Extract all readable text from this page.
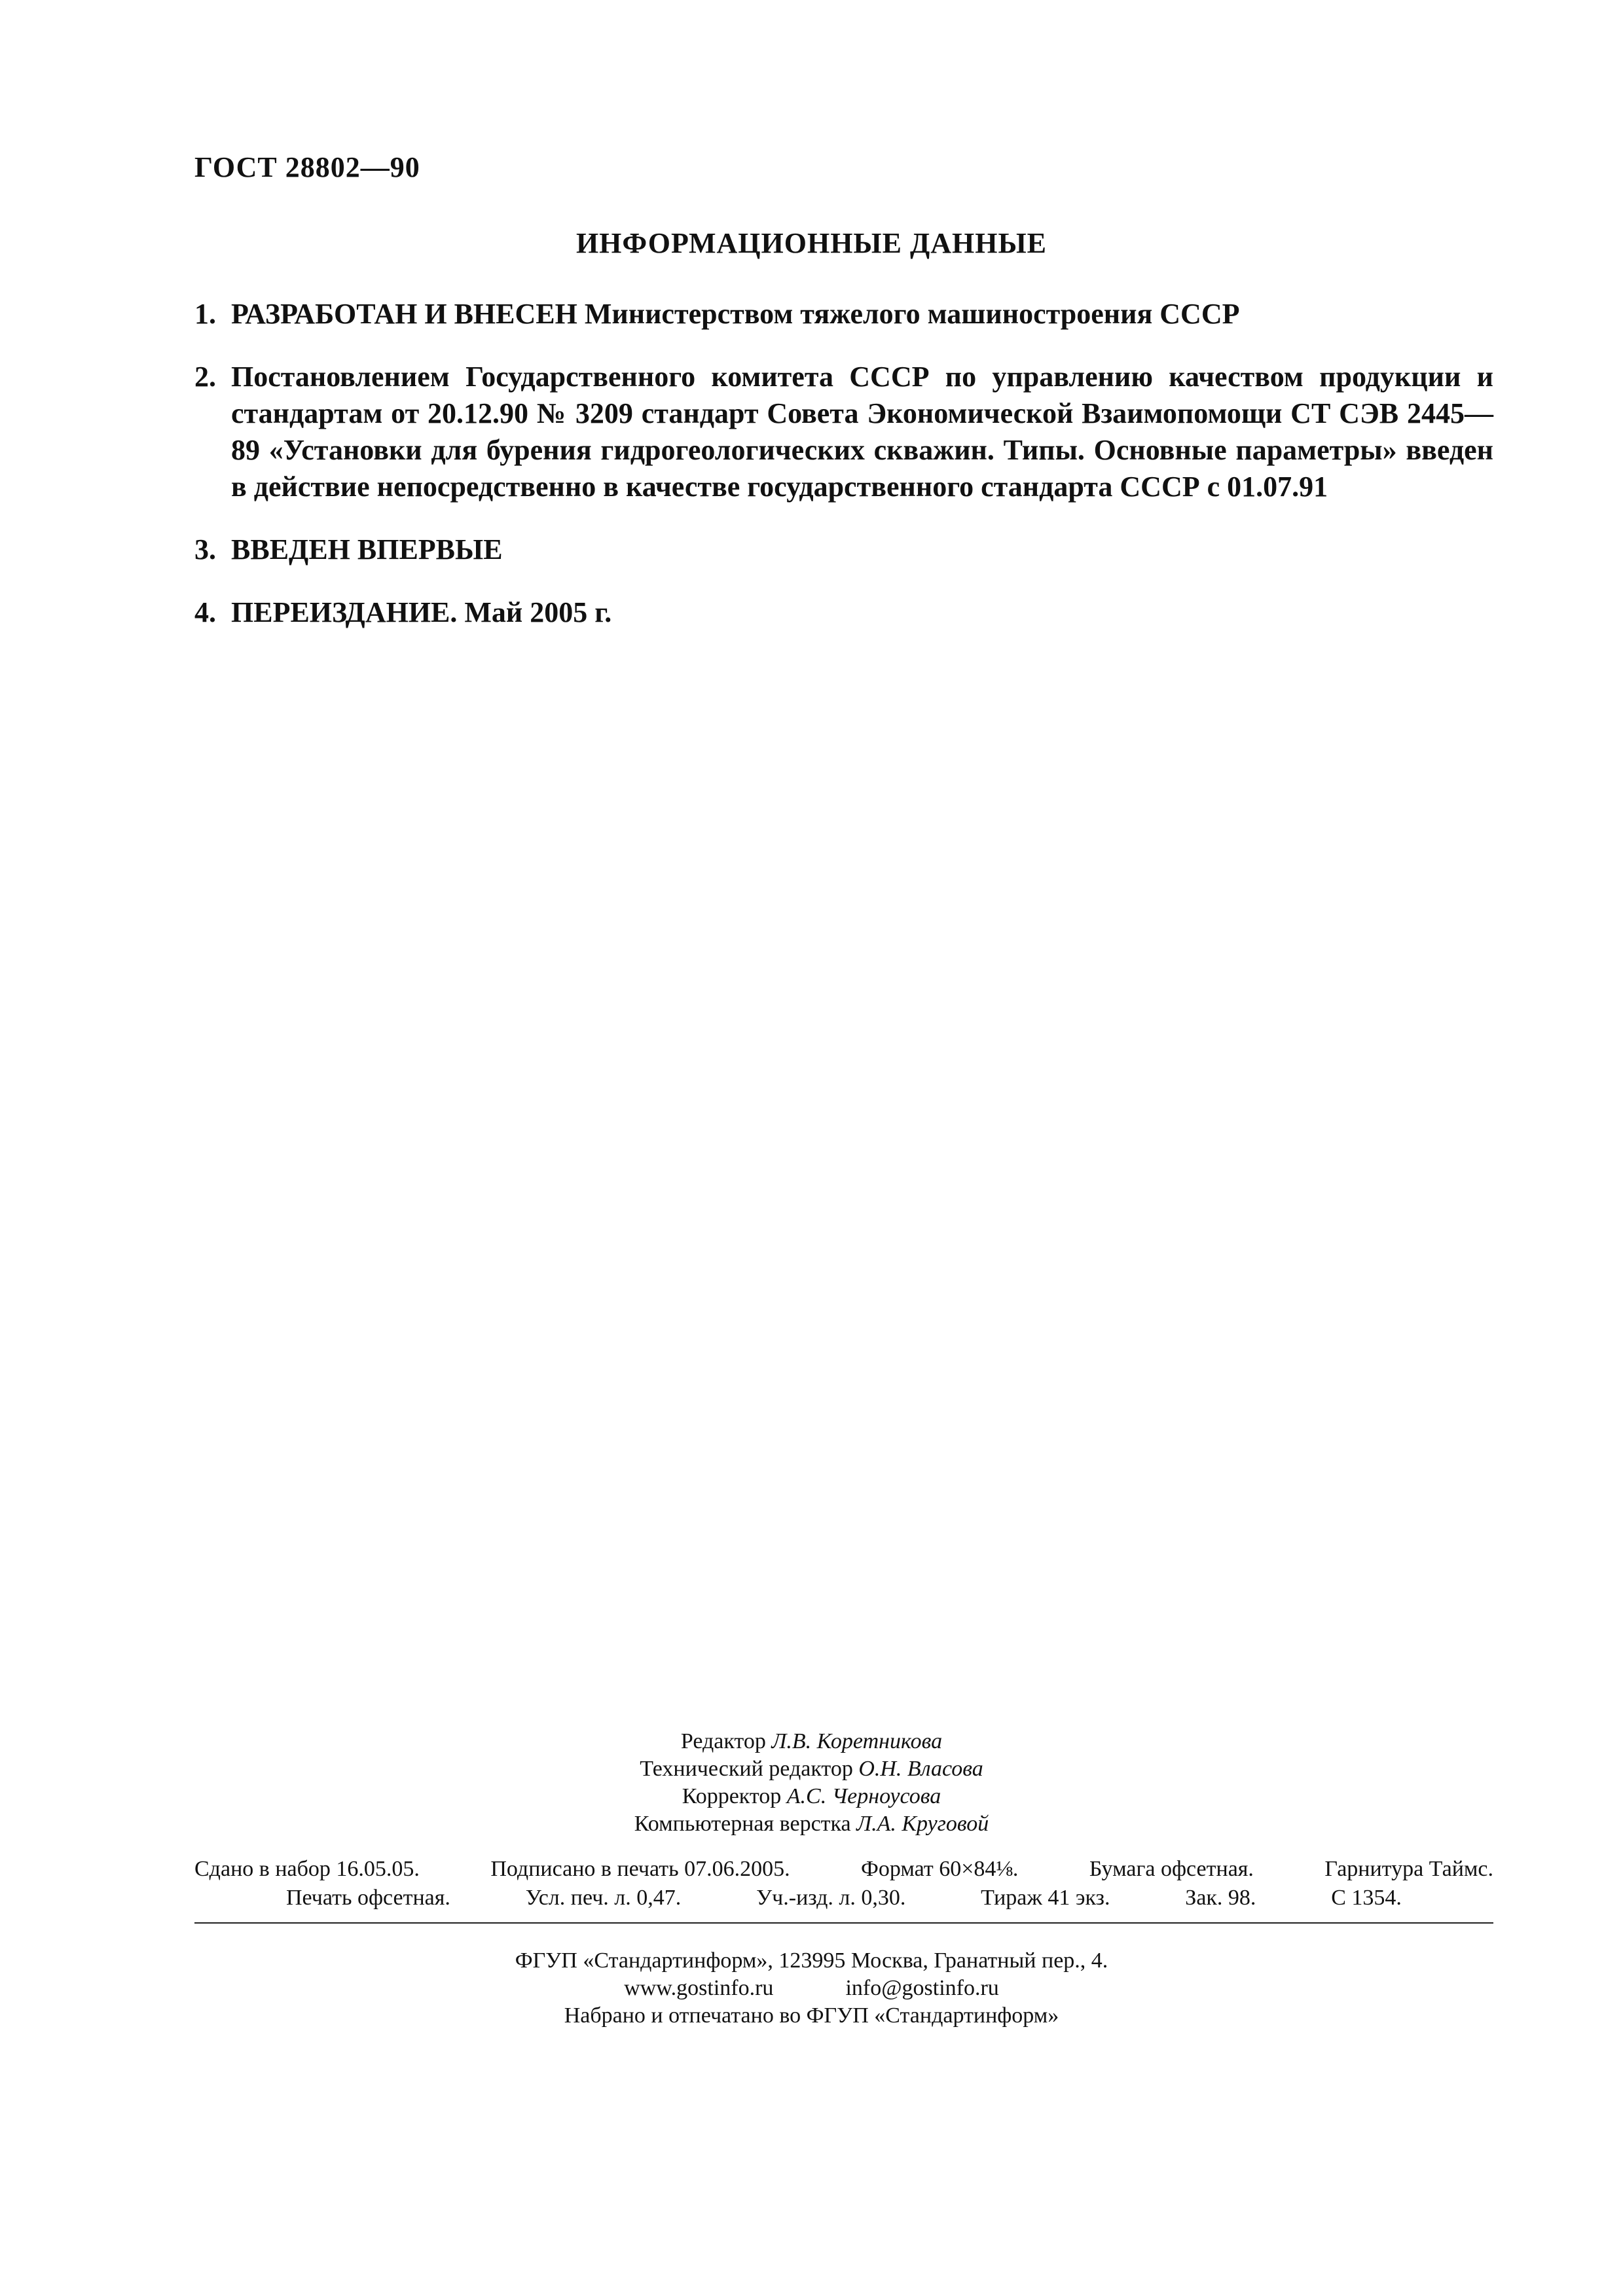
ГОСТ 28802—90
ИНФОРМАЦИОННЫЕ ДАННЫЕ
1. РАЗРАБОТАН И ВНЕСЕН Министерством тяжелого машиностроения СССР
2. Постановлением Государственного комитета СССР по управлению качеством продукции и стандартам от 20.12.90 № 3209 стандарт Совета Экономической Взаимопомощи СТ СЭВ 2445—89 «Установки для бурения гидрогеологических скважин. Типы. Основные параметры» введен в действие непосредственно в качестве государственного стандарта СССР с 01.07.91
3. ВВЕДЕН ВПЕРВЫЕ
4. ПЕРЕИЗДАНИЕ. Май 2005 г.
Редактор Л.В. Коретникова
Технический редактор О.Н. Власова
Корректор А.С. Черноусова
Компьютерная верстка Л.А. Круговой
Сдано в набор 16.05.05.	Подписано в печать 07.06.2005.	Формат 60×84⅛.	Бумага офсетная.	Гарнитура Таймс.
Печать офсетная.	Усл. печ. л. 0,47.	Уч.-изд. л. 0,30.	Тираж 41 экз.	Зак. 98.	С 1354.
ФГУП «Стандартинформ», 123995 Москва, Гранатный пер., 4.
www.gostinfo.ru	info@gostinfo.ru
Набрано и отпечатано во ФГУП «Стандартинформ»
